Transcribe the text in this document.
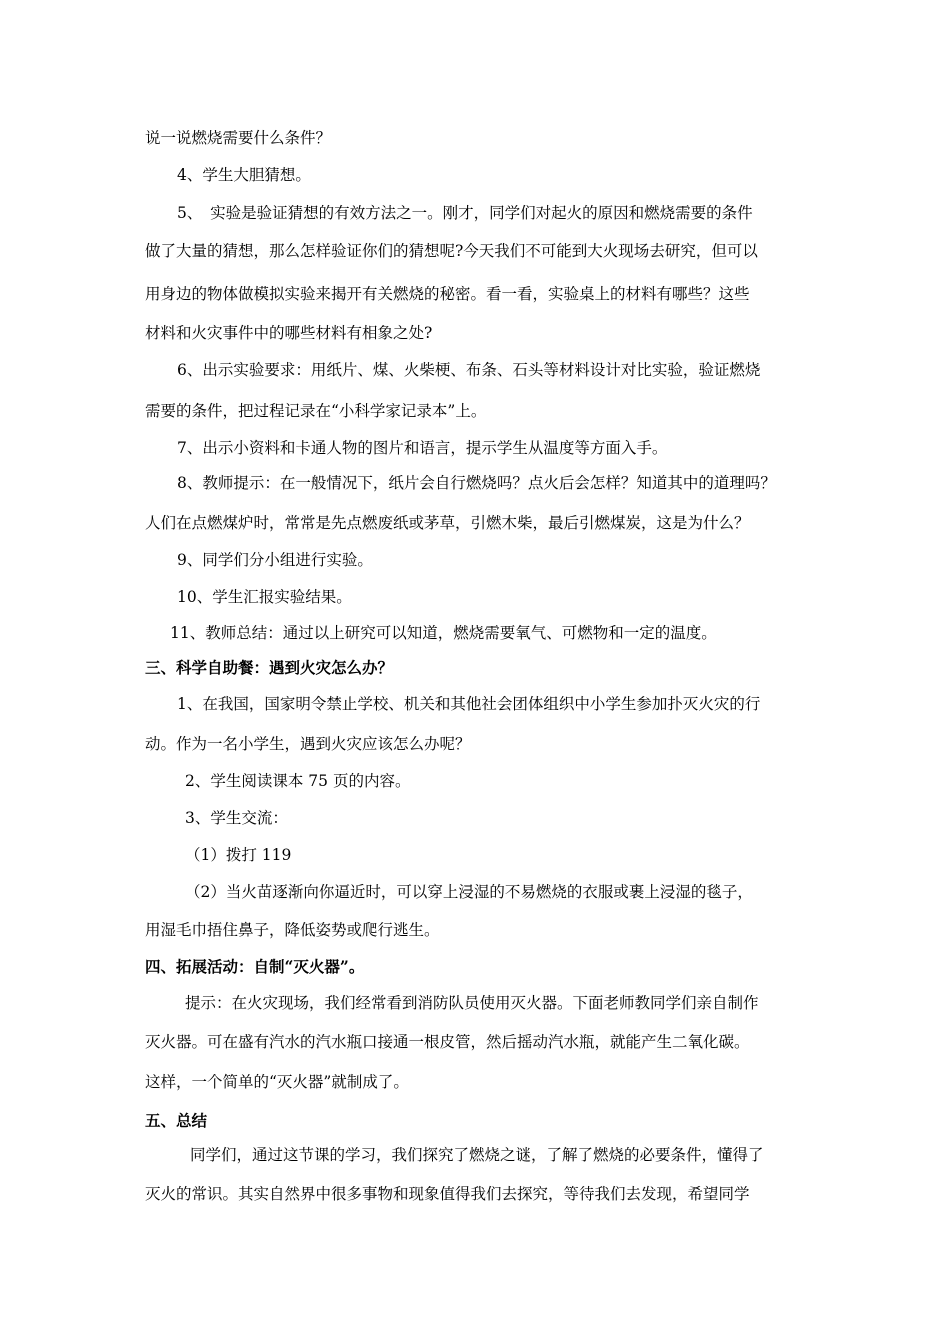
说一说燃烧需要什么条件？
4、学生大胆猜想。
5、　实验是验证猜想的有效方法之一。刚才，同学们对起火的原因和燃烧需要的条件
做了大量的猜想，那么怎样验证你们的猜想呢?今天我们不可能到大火现场去研究，但可以
用身边的物体做模拟实验来揭开有关燃烧的秘密。看一看，实验桌上的材料有哪些？这些
材料和火灾事件中的哪些材料有相象之处?
6、出示实验要求：用纸片、煤、火柴梗、布条、石头等材料设计对比实验，验证燃烧
需要的条件，把过程记录在“小科学家记录本”上。
7、出示小资料和卡通人物的图片和语言，提示学生从温度等方面入手。
8、教师提示：在一般情况下，纸片会自行燃烧吗？点火后会怎样？知道其中的道理吗？
人们在点燃煤炉时，常常是先点燃废纸或茅草，引燃木柴，最后引燃煤炭，这是为什么？
9、同学们分小组进行实验。
10、学生汇报实验结果。
11、教师总结：通过以上研究可以知道，燃烧需要氧气、可燃物和一定的温度。
三、科学自助餐：遇到火灾怎么办？
1、在我国，国家明令禁止学校、机关和其他社会团体组织中小学生参加扑灭火灾的行
动。作为一名小学生，遇到火灾应该怎么办呢？
2、学生阅读课本 75 页的内容。
3、学生交流：
（1）拨打 119
（2）当火苗逐渐向你逼近时，可以穿上浸湿的不易燃烧的衣服或裹上浸湿的毯子，
用湿毛巾捂住鼻子，降低姿势或爬行逃生。
四、拓展活动：自制“灭火器”。
提示：在火灾现场，我们经常看到消防队员使用灭火器。下面老师教同学们亲自制作
灭火器。可在盛有汽水的汽水瓶口接通一根皮管，然后摇动汽水瓶，就能产生二氧化碳。
这样，一个简单的“灭火器”就制成了。
五、总结
同学们，通过这节课的学习，我们探究了燃烧之谜，了解了燃烧的必要条件，懂得了
灭火的常识。其实自然界中很多事物和现象值得我们去探究，等待我们去发现，希望同学
